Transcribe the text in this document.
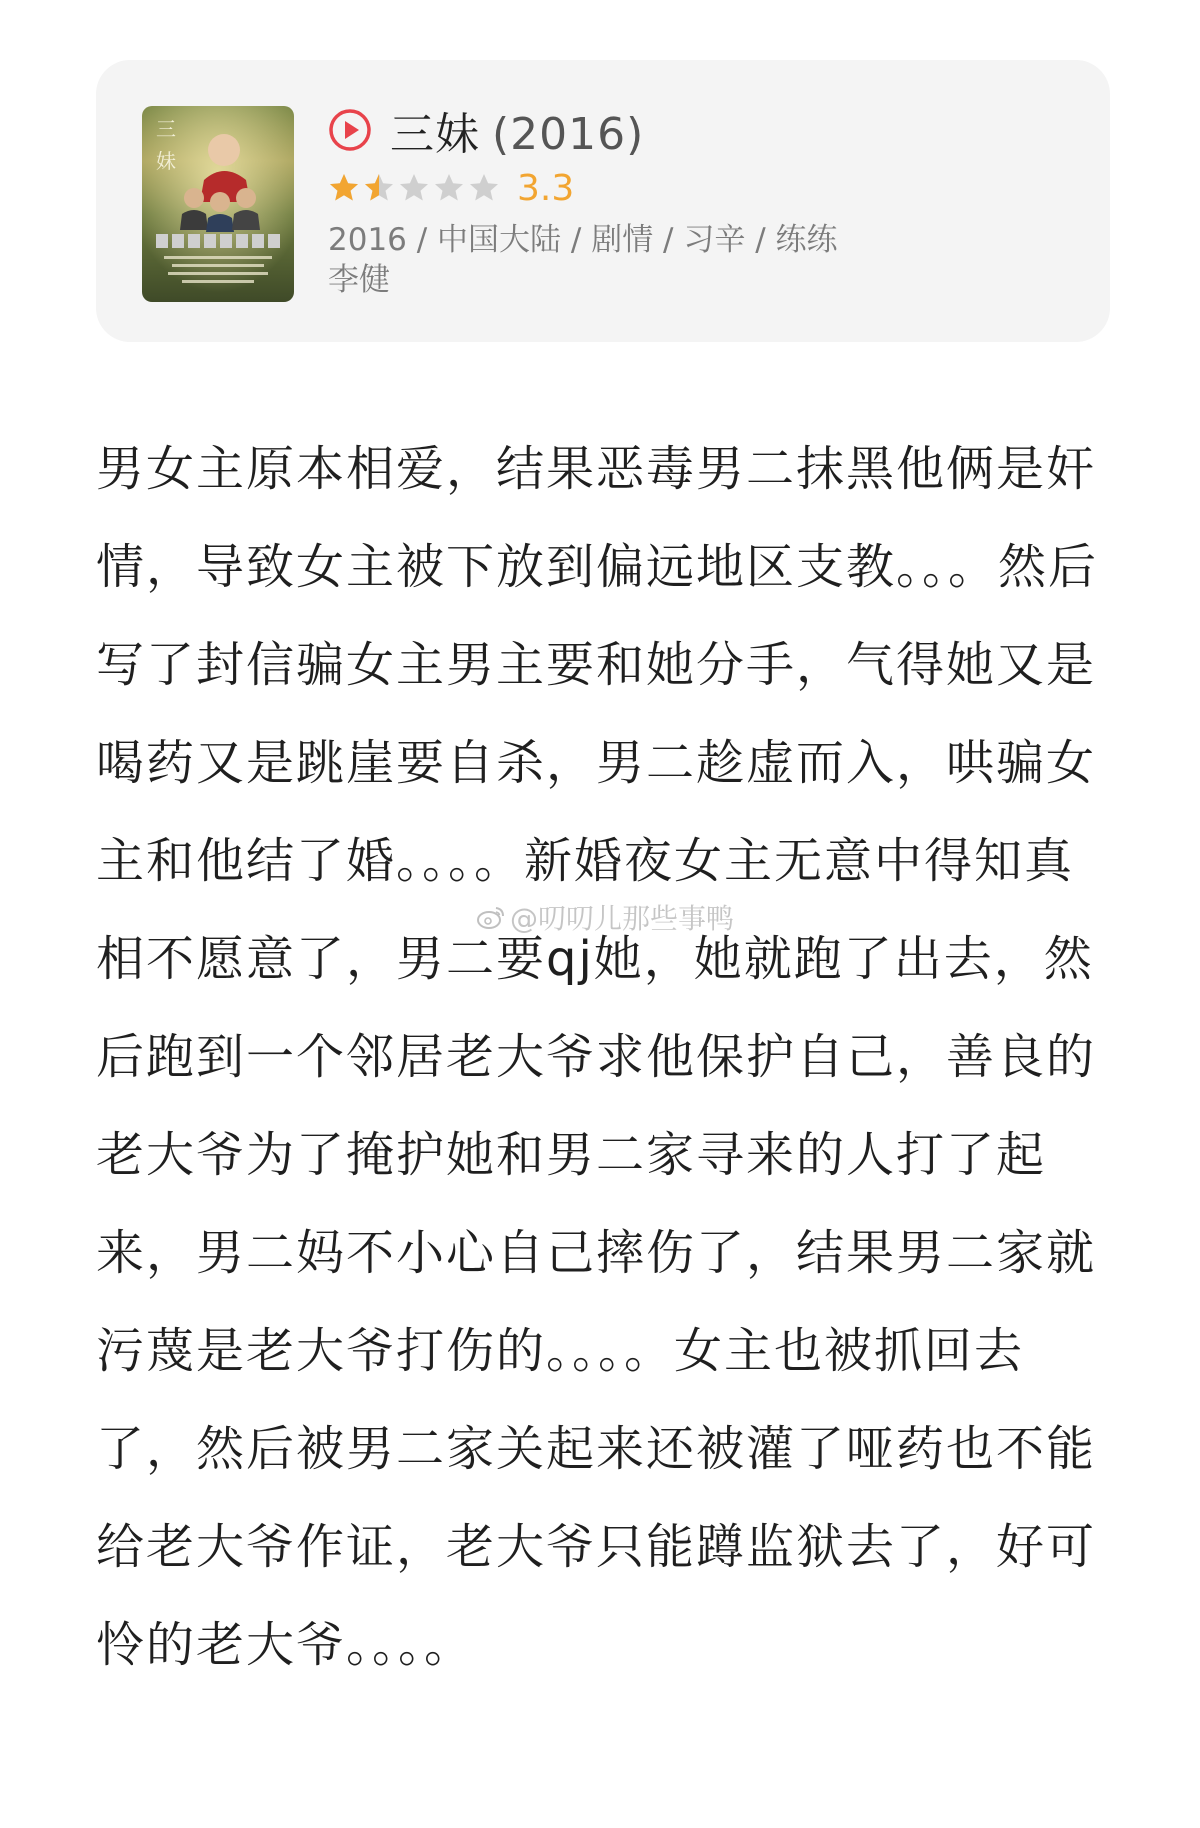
三
妹
三妹 (2016)
3.3
2016 / 中国大陆 / 剧情 / 习辛 / 练练
李健

男女主原本相爱，结果恶毒男二抹黑他俩是奸情，导致女主被下放到偏远地区支教。。。然后写了封信骗女主男主要和她分手，气得她又是喝药又是跳崖要自杀，男二趁虚而入，哄骗女主和他结了婚。。。。新婚夜女主无意中得知真相不愿意了，男二要qj她，她就跑了出去，然后跑到一个邻居老大爷求他保护自己，善良的老大爷为了掩护她和男二家寻来的人打了起来，男二妈不小心自己摔伤了，结果男二家就污蔑是老大爷打伤的。。。。女主也被抓回去了，然后被男二家关起来还被灌了哑药也不能给老大爷作证，老大爷只能蹲监狱去了，好可怜的老大爷。。。。

@叨叨儿那些事鸭
